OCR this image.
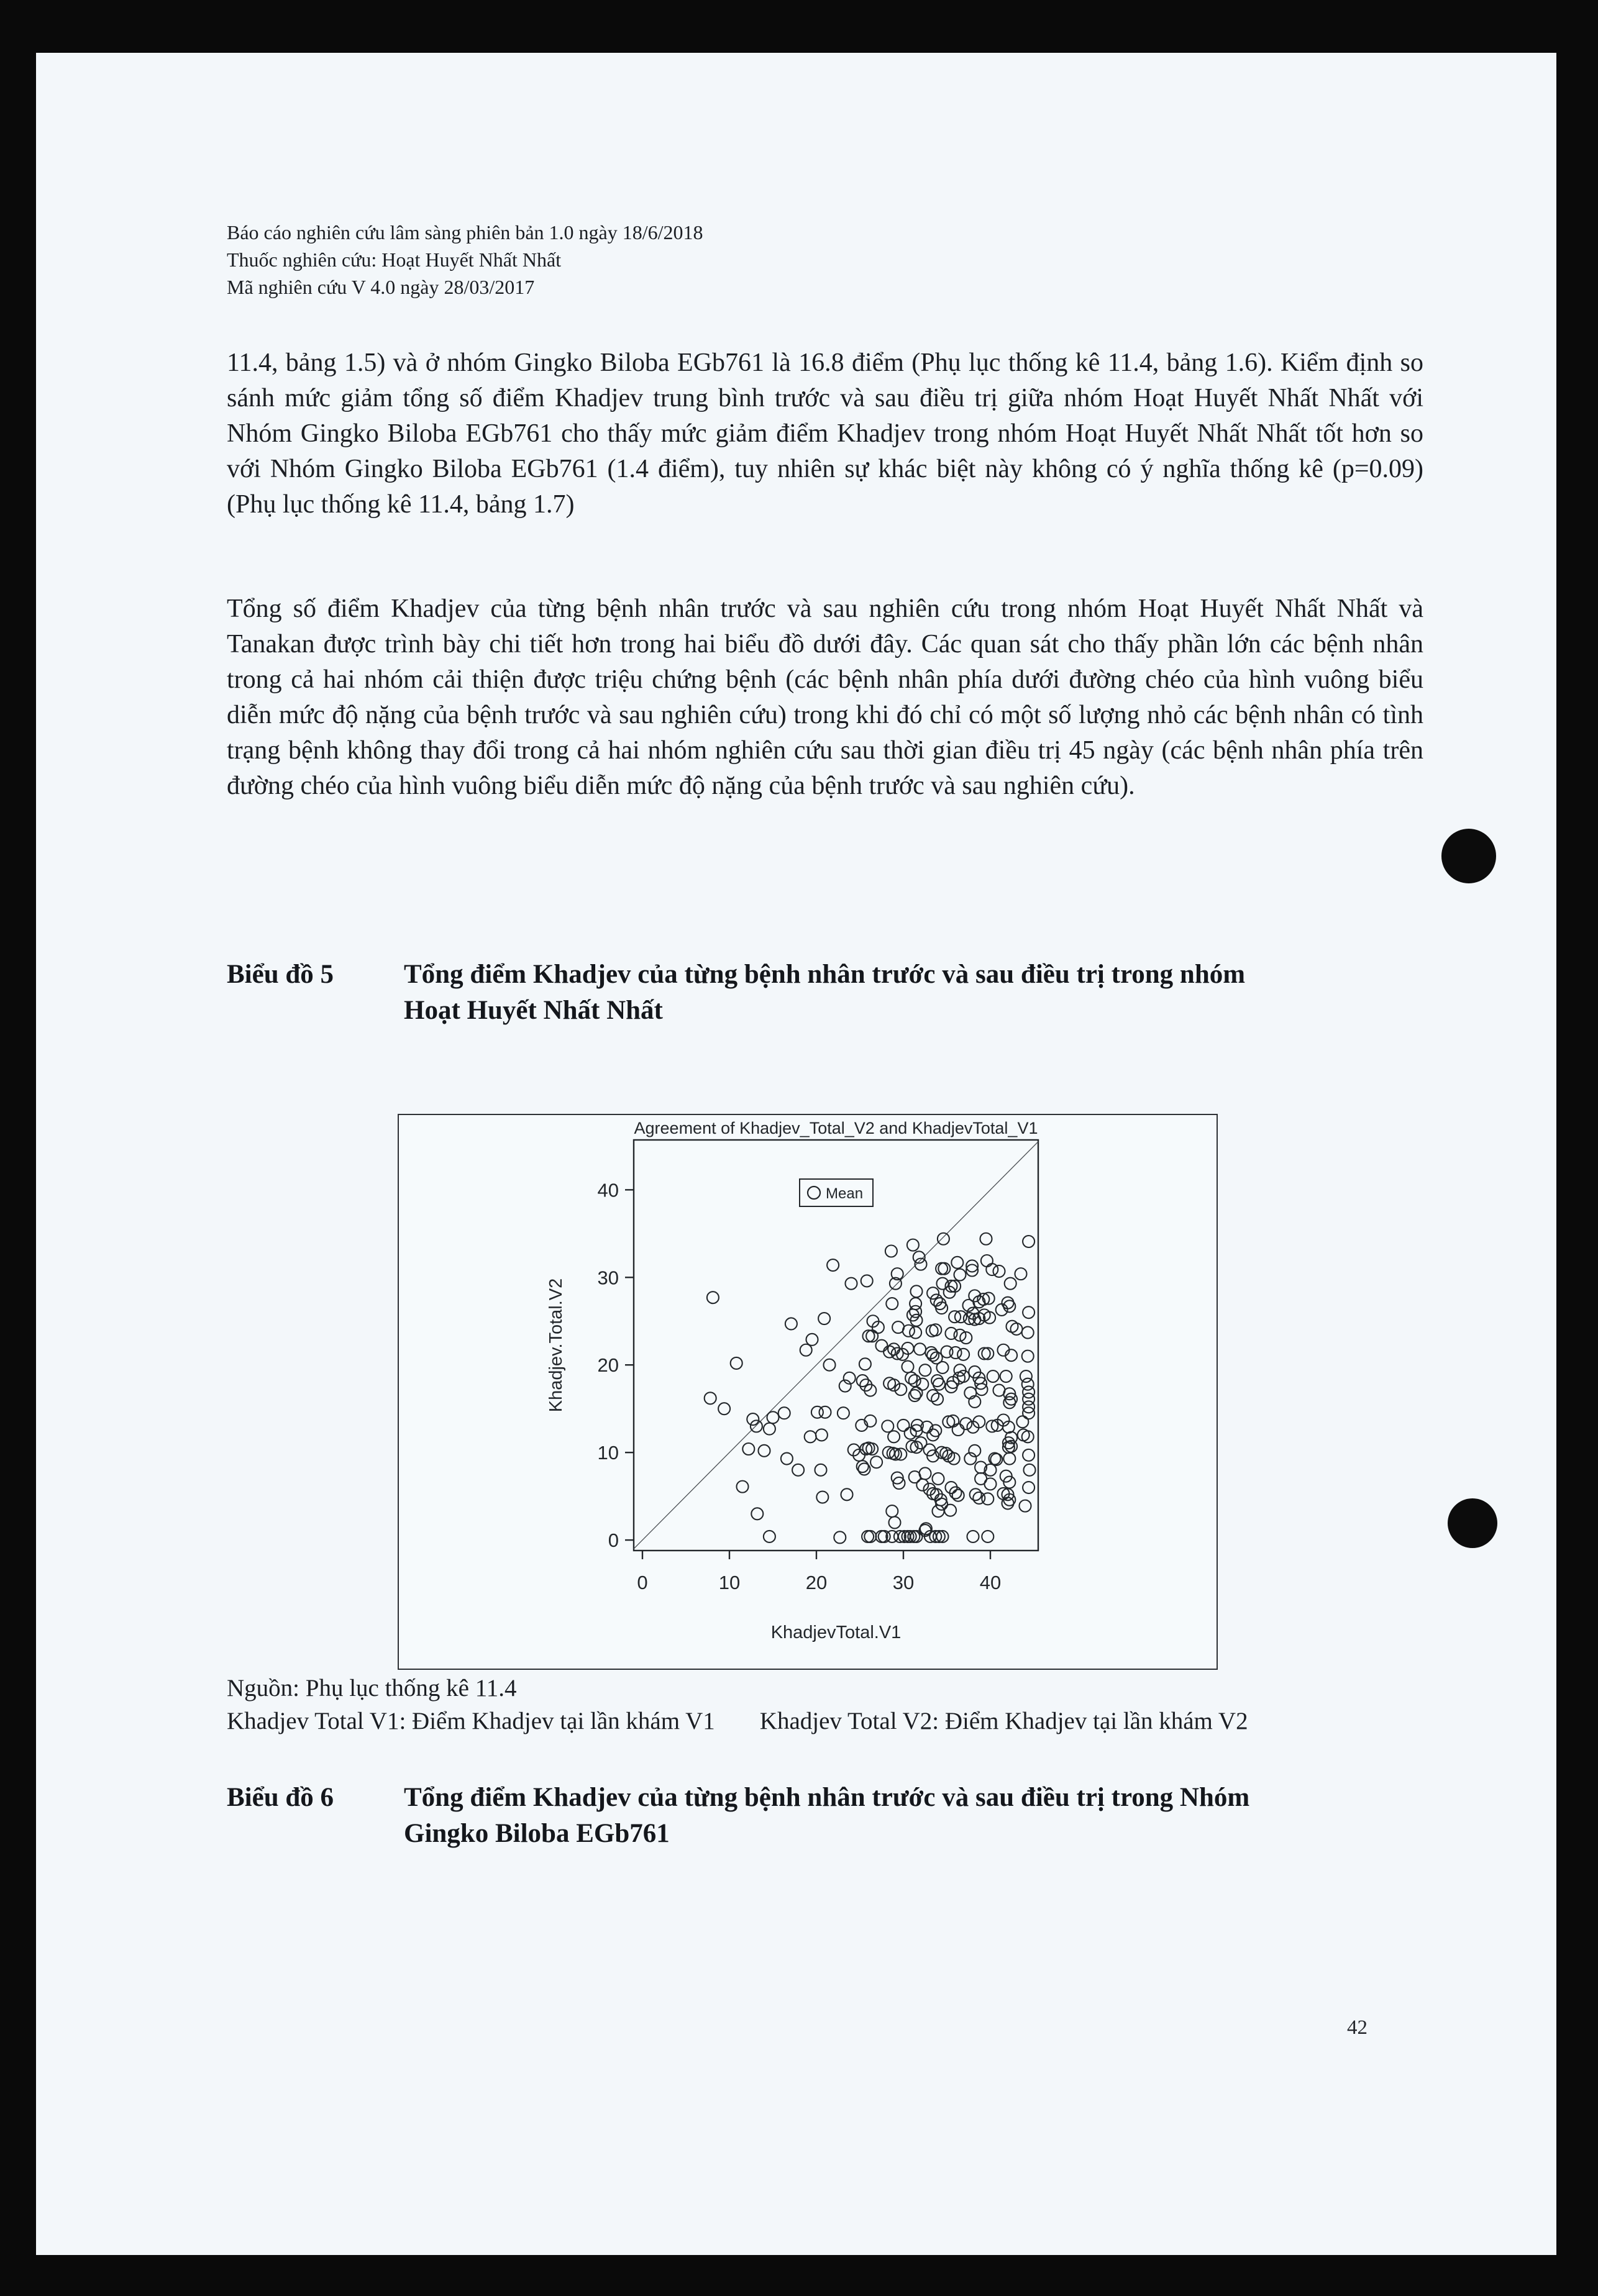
Báo cáo nghiên cứu lâm sàng phiên bản 1.0 ngày 18/6/2018
Thuốc nghiên cứu: Hoạt Huyết Nhất Nhất
Mã nghiên cứu V 4.0 ngày 28/03/2017
11.4, bảng 1.5) và ở nhóm Gingko Biloba EGb761 là 16.8 điểm (Phụ lục thống kê 11.4, bảng 1.6). Kiểm định so sánh mức giảm tổng số điểm Khadjev trung bình trước và sau điều trị giữa nhóm Hoạt Huyết Nhất Nhất với Nhóm Gingko Biloba EGb761 cho thấy mức giảm điểm Khadjev trong nhóm Hoạt Huyết Nhất Nhất tốt hơn so với Nhóm Gingko Biloba EGb761 (1.4 điểm), tuy nhiên sự khác biệt này không có ý nghĩa thống kê (p=0.09) (Phụ lục thống kê 11.4, bảng 1.7)
Tổng số điểm Khadjev của từng bệnh nhân trước và sau nghiên cứu trong nhóm Hoạt Huyết Nhất Nhất và Tanakan được trình bày chi tiết hơn trong hai biểu đồ dưới đây. Các quan sát cho thấy phần lớn các bệnh nhân trong cả hai nhóm cải thiện được triệu chứng bệnh (các bệnh nhân phía dưới đường chéo của hình vuông biểu diễn mức độ nặng của bệnh trước và sau nghiên cứu) trong khi đó chỉ có một số lượng nhỏ các bệnh nhân có tình trạng bệnh không thay đổi trong cả hai nhóm nghiên cứu sau thời gian điều trị 45 ngày (các bệnh nhân phía trên đường chéo của hình vuông biểu diễn mức độ nặng của bệnh trước và sau nghiên cứu).
Biểu đồ 5	Tổng điểm Khadjev của từng bệnh nhân trước và sau điều trị trong nhóm
Hoạt Huyết Nhất Nhất
Agreement of Khadjev_Total_V2 and KhadjevTotal_V1
0	10	20	30	40
0
10
20
30
40
KhadjevTotal.V1
Khadjev.Total.V2
Mean
Nguồn: Phụ lục thống kê 11.4
Khadjev Total V1: Điểm Khadjev tại lần khám V1 Khadjev Total V2: Điểm Khadjev tại lần khám V2
Biểu đồ 6	Tổng điểm Khadjev của từng bệnh nhân trước và sau điều trị trong Nhóm
Gingko Biloba EGb761
42
